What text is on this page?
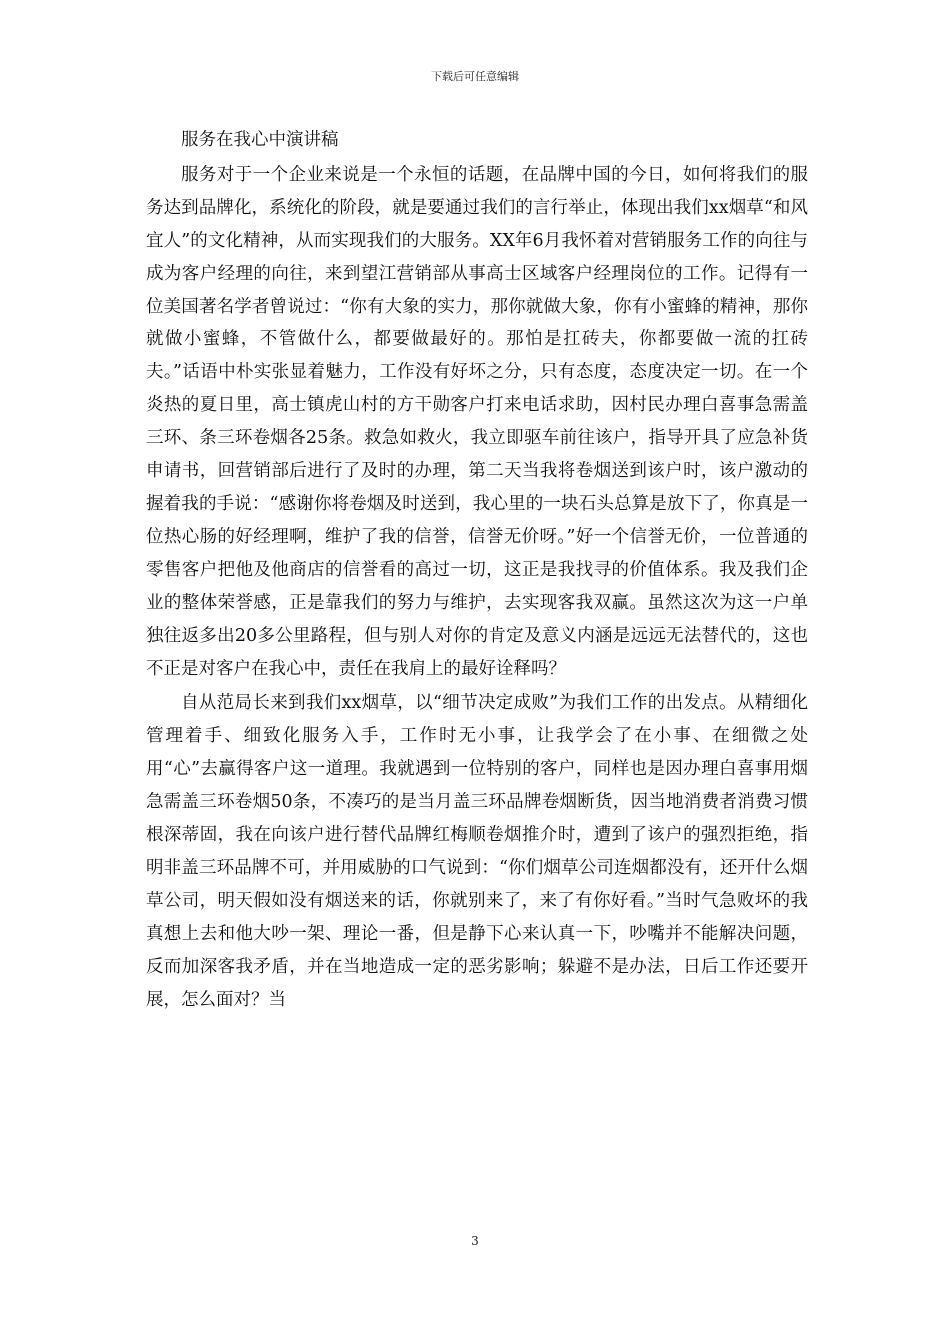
下载后可任意编辑

服务在我心中演讲稿

服务对于一个企业来说是一个永恒的话题，在品牌中国的今日，如何将我们的服务达到品牌化，系统化的阶段，就是要通过我们的言行举止，体现出我们xx烟草“和风宜人”的文化精神，从而实现我们的大服务。XX年6月我怀着对营销服务工作的向往与成为客户经理的向往，来到望江营销部从事高士区域客户经理岗位的工作。记得有一位美国著名学者曾说过：“你有大象的实力，那你就做大象，你有小蜜蜂的精神，那你就做小蜜蜂，不管做什么，都要做最好的。那怕是扛砖夫，你都要做一流的扛砖夫。”话语中朴实张显着魅力，工作没有好坏之分，只有态度，态度决定一切。在一个炎热的夏日里，高士镇虎山村的方干勋客户打来电话求助，因村民办理白喜事急需盖三环、条三环卷烟各25条。救急如救火，我立即驱车前往该户，指导开具了应急补货申请书，回营销部后进行了及时的办理，第二天当我将卷烟送到该户时，该户激动的握着我的手说：“感谢你将卷烟及时送到，我心里的一块石头总算是放下了，你真是一位热心肠的好经理啊，维护了我的信誉，信誉无价呀。”好一个信誉无价，一位普通的零售客户把他及他商店的信誉看的高过一切，这正是我找寻的价值体系。我及我们企业的整体荣誉感，正是靠我们的努力与维护，去实现客我双赢。虽然这次为这一户单独往返多出20多公里路程，但与别人对你的肯定及意义内涵是远远无法替代的，这也不正是对客户在我心中，责任在我肩上的最好诠释吗？

自从范局长来到我们xx烟草，以“细节决定成败”为我们工作的出发点。从精细化管理着手、细致化服务入手，工作时无小事，让我学会了在小事、在细微之处用“心”去赢得客户这一道理。我就遇到一位特别的客户，同样也是因办理白喜事用烟急需盖三环卷烟50条，不凑巧的是当月盖三环品牌卷烟断货，因当地消费者消费习惯根深蒂固，我在向该户进行替代品牌红梅顺卷烟推介时，遭到了该户的强烈拒绝，指明非盖三环品牌不可，并用威胁的口气说到：“你们烟草公司连烟都没有，还开什么烟草公司，明天假如没有烟送来的话，你就别来了，来了有你好看。”当时气急败坏的我真想上去和他大吵一架、理论一番，但是静下心来认真一下，吵嘴并不能解决问题，反而加深客我矛盾，并在当地造成一定的恶劣影响；躲避不是办法，日后工作还要开展，怎么面对？当

3
